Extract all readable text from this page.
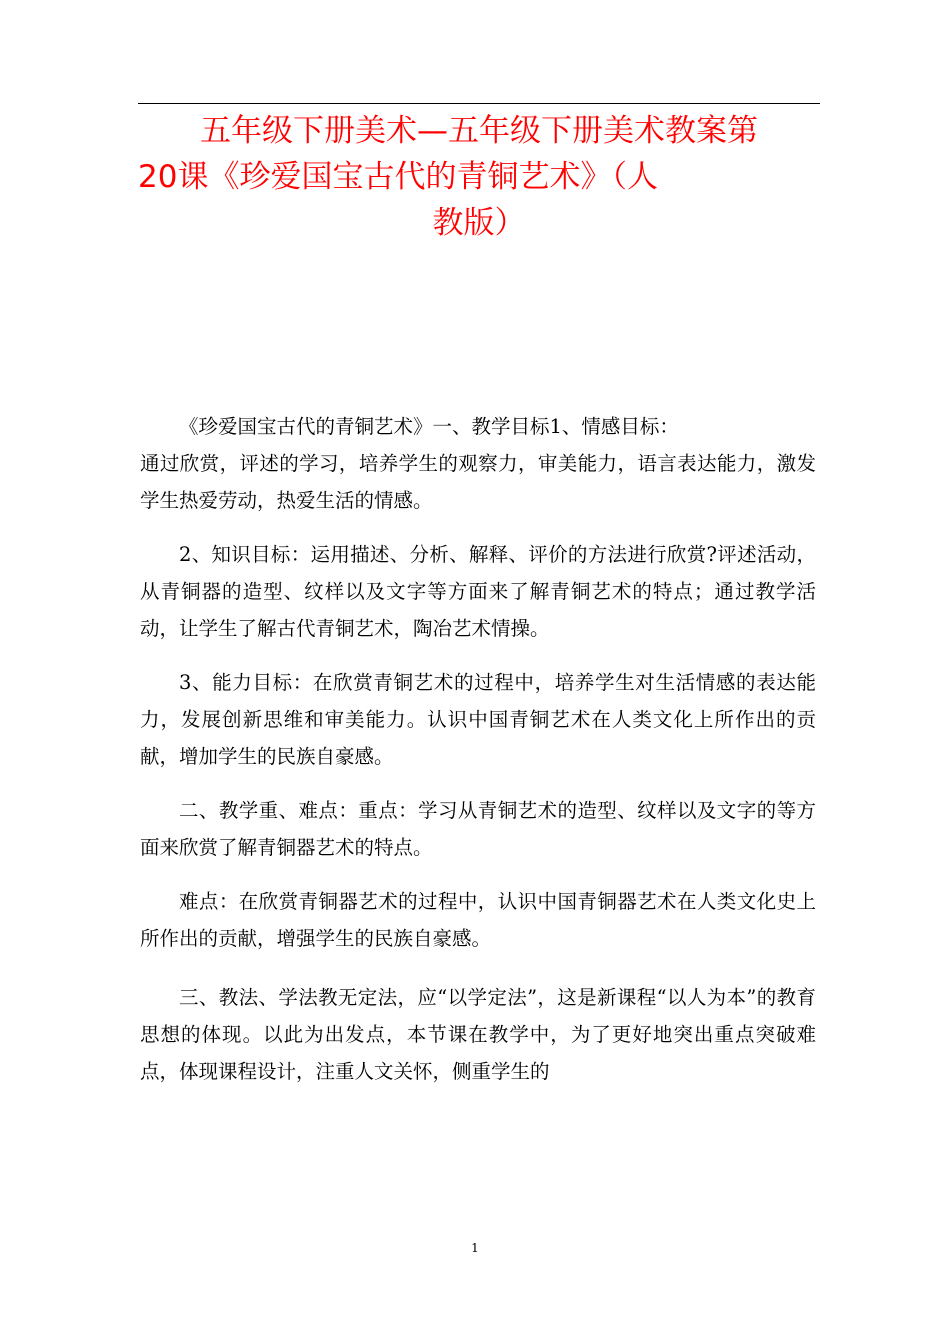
五年级下册美术—五年级下册美术教案第
20课《珍爱国宝古代的青铜艺术》（人
教版）

《珍爱国宝古代的青铜艺术》一、教学目标1、情感目标：

通过欣赏，评述的学习，培养学生的观察力，审美能力，语言表达能力，激发学生热爱劳动，热爱生活的情感。

2、知识目标：运用描述、分析、解释、评价的方法进行欣赏?评述活动，从青铜器的造型、纹样以及文字等方面来了解青铜艺术的特点；通过教学活动，让学生了解古代青铜艺术，陶冶艺术情操。

3、能力目标：在欣赏青铜艺术的过程中，培养学生对生活情感的表达能力，发展创新思维和审美能力。认识中国青铜艺术在人类文化上所作出的贡献，增加学生的民族自豪感。

二、教学重、难点：重点：学习从青铜艺术的造型、纹样以及文字的等方面来欣赏了解青铜器艺术的特点。

难点：在欣赏青铜器艺术的过程中，认识中国青铜器艺术在人类文化史上所作出的贡献，增强学生的民族自豪感。

三、教法、学法教无定法，应“以学定法”，这是新课程“以人为本”的教育思想的体现。以此为出发点，本节课在教学中，为了更好地突出重点突破难点，体现课程设计，注重人文关怀，侧重学生的

1
